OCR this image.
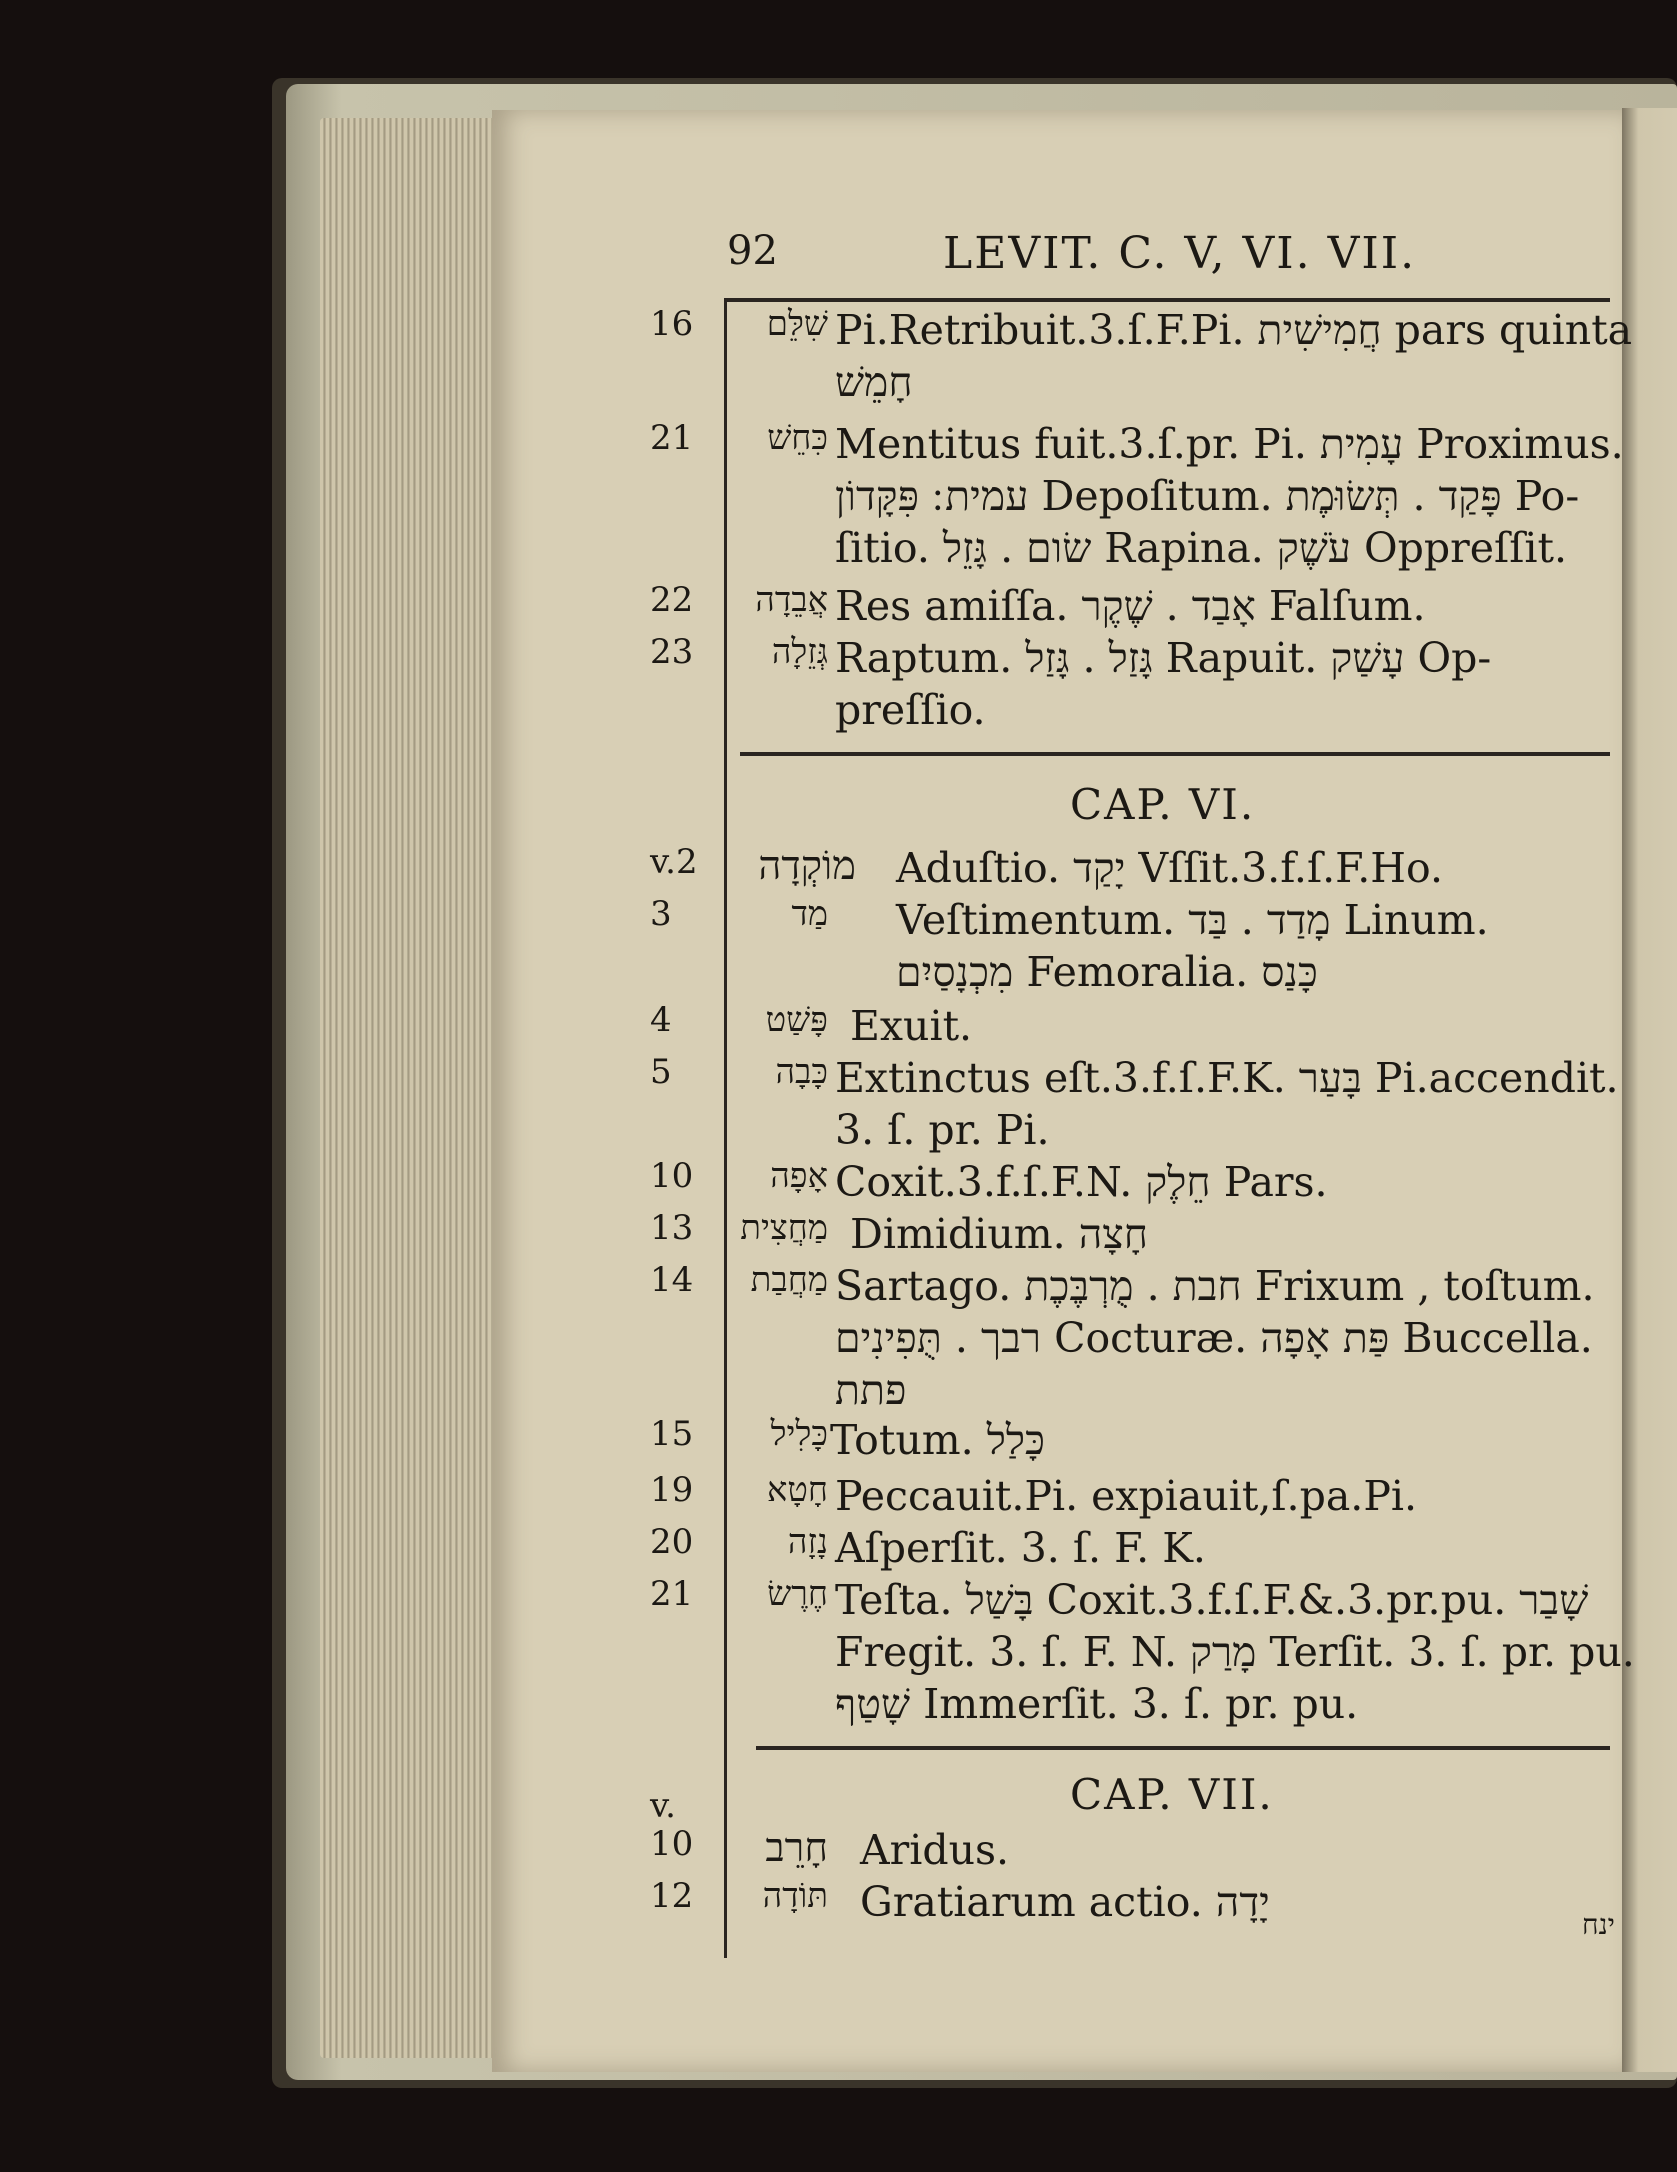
92	LEVIT. C. V, VI. VII.
16	שִׁלֵּם Pi.Retribuit.3.ſ.F.Pi. חֲמִישִׁית pars quinta
חָמֵשׁ
21	כִּחֵשׁ Mentitus fuit.3.ſ.pr. Pi. עָמִית Proximus.
עמית ׃ פִּקָּדוֹן Depoſitum. פָּקַד . תְּשׂוּמֶת Po-
ſitio. שׂום . גָּזֵל Rapina. עֹשֶׁק Oppreſſit.
22	אֲבֵדָה Res amiſſa. אָבַד . שֶׁקֶר Falſum.
23	גְּזֵלָה Raptum. גָּזַל . גָּזַל Rapuit. עָשַׁק Op-
preſſio.
CAP. VI.
v.2	מוֹקְדָה Aduſtio. יָקַד Vſſit.3.f.ſ.F.Ho.
3	מַד Veſtimentum. מָדַד . בַּד Linum.
מִכְנָסַיִם Femoralia. כָּנַס
4	פָּשַׁט Exuit.
5	כָּבָה Extinctus eſt.3.f.ſ.F.K. בָּעַר Pi.accendit.
3. ſ. pr. Pi.
10	אָפָה Coxit.3.f.ſ.F.N. חֵלֶק Pars.
13	מַחֲצִית Dimidium. חָצָה
14	מַחֲבַת Sartago. חבת . מֻרְבֶּכֶת Frixum , toſtum.
רבך . תֻּפִינִים Cocturæ. פַּת אָפָה Buccella.
פתת
15	כָּלִיל Totum. כָּלַל
19	חָטָא Peccauit.Pi. expiauit,ſ.pa.Pi.
20	נָזָה Aſperſit. 3. ſ. F. K.
21	חֶרֶשׂ Teſta. בָּשַׁל Coxit.3.f.ſ.F.&.3.pr.pu. שָׁבַר
Fregit. 3. ſ. F. N. מָרַק Terſit. 3. ſ. pr. pu.
שָׁטַף Immerſit. 3. ſ. pr. pu.
CAP. VII.
v.
10	חָרֵב Aridus.
12	תּוֹדָה Gratiarum actio. יָדָה	ינח
